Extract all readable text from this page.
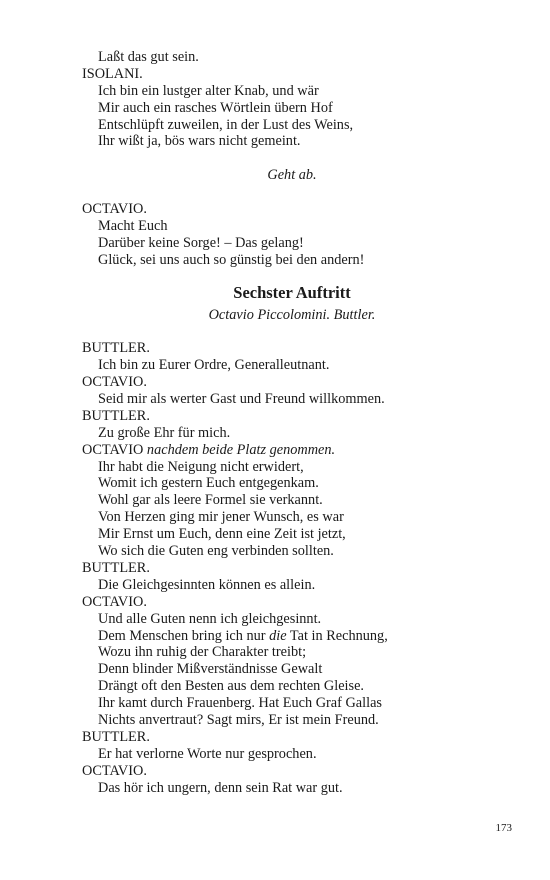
Laßt das gut sein.
ISOLANI.
Ich bin ein lustger alter Knab, und wär
Mir auch ein rasches Wörtlein übern Hof
Entschlüpft zuweilen, in der Lust des Weins,
Ihr wißt ja, bös wars nicht gemeint.
Geht ab.
OCTAVIO.
Macht Euch
Darüber keine Sorge! – Das gelang!
Glück, sei uns auch so günstig bei den andern!
Sechster Auftritt
Octavio Piccolomini. Buttler.
BUTTLER.
Ich bin zu Eurer Ordre, Generalleutnant.
OCTAVIO.
Seid mir als werter Gast und Freund willkommen.
BUTTLER.
Zu große Ehr für mich.
OCTAVIO nachdem beide Platz genommen.
Ihr habt die Neigung nicht erwidert,
Womit ich gestern Euch entgegenkam.
Wohl gar als leere Formel sie verkannt.
Von Herzen ging mir jener Wunsch, es war
Mir Ernst um Euch, denn eine Zeit ist jetzt,
Wo sich die Guten eng verbinden sollten.
BUTTLER.
Die Gleichgesinnten können es allein.
OCTAVIO.
Und alle Guten nenn ich gleichgesinnt.
Dem Menschen bring ich nur die Tat in Rechnung,
Wozu ihn ruhig der Charakter treibt;
Denn blinder Mißverständnisse Gewalt
Drängt oft den Besten aus dem rechten Gleise.
Ihr kamt durch Frauenberg. Hat Euch Graf Gallas
Nichts anvertraut? Sagt mirs, Er ist mein Freund.
BUTTLER.
Er hat verlorne Worte nur gesprochen.
OCTAVIO.
Das hör ich ungern, denn sein Rat war gut.
173
